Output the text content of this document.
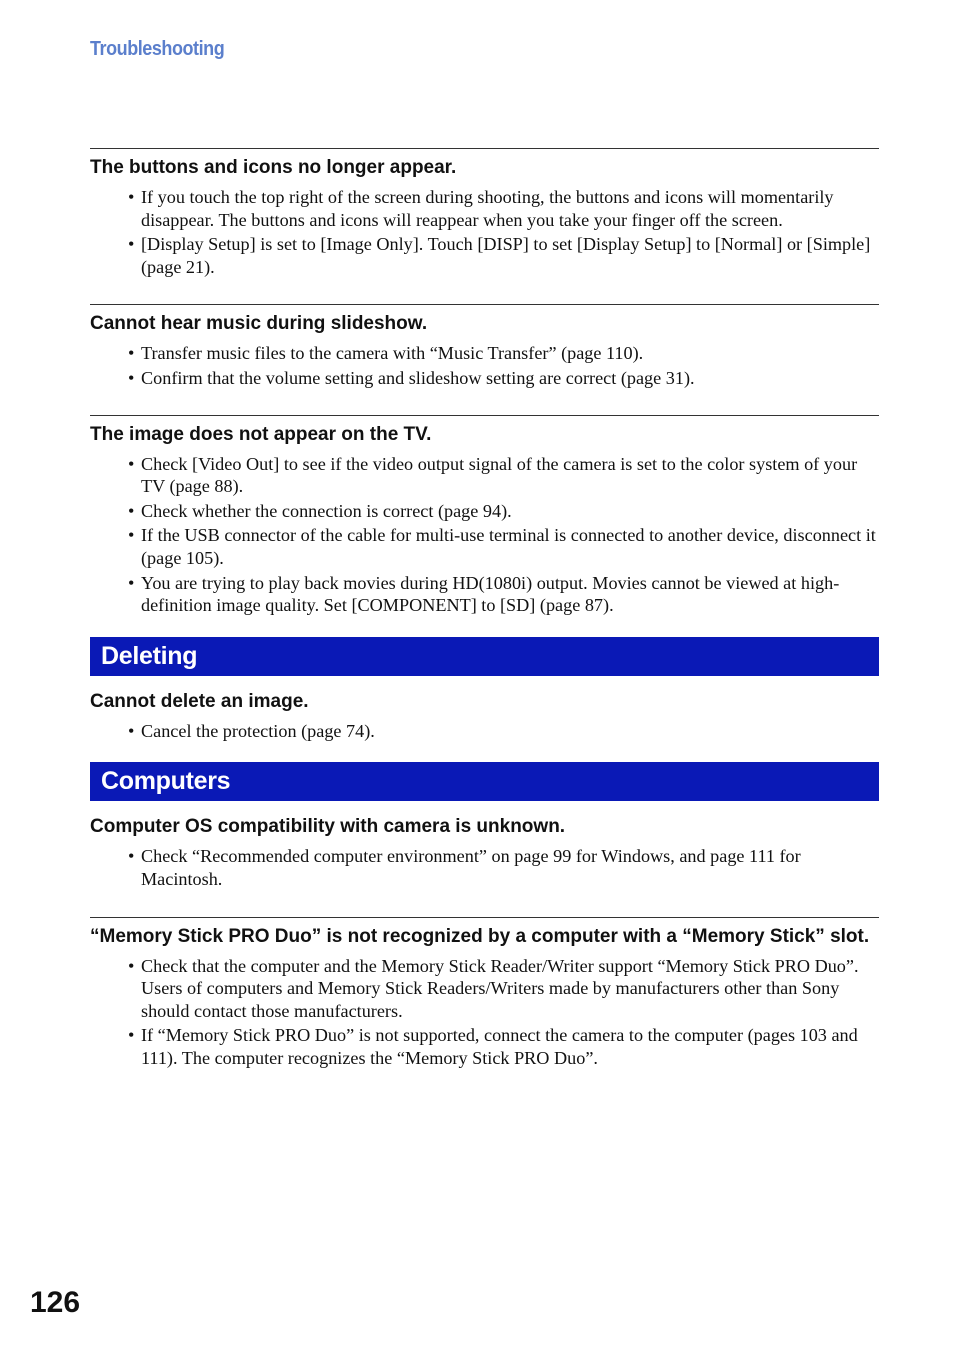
Troubleshooting
The buttons and icons no longer appear.
• If you touch the top right of the screen during shooting, the buttons and icons will momentarily disappear. The buttons and icons will reappear when you take your finger off the screen.
• [Display Setup] is set to [Image Only]. Touch [DISP] to set [Display Setup] to [Normal] or [Simple] (page 21).
Cannot hear music during slideshow.
• Transfer music files to the camera with “Music Transfer” (page 110).
• Confirm that the volume setting and slideshow setting are correct (page 31).
The image does not appear on the TV.
• Check [Video Out] to see if the video output signal of the camera is set to the color system of your TV (page 88).
• Check whether the connection is correct (page 94).
• If the USB connector of the cable for multi-use terminal is connected to another device, disconnect it (page 105).
• You are trying to play back movies during HD(1080i) output. Movies cannot be viewed at high-definition image quality. Set [COMPONENT] to [SD] (page 87).
Deleting
Cannot delete an image.
• Cancel the protection (page 74).
Computers
Computer OS compatibility with camera is unknown.
• Check “Recommended computer environment” on page 99 for Windows, and page 111 for Macintosh.
“Memory Stick PRO Duo” is not recognized by a computer with a “Memory Stick” slot.
• Check that the computer and the Memory Stick Reader/Writer support “Memory Stick PRO Duo”. Users of computers and Memory Stick Readers/Writers made by manufacturers other than Sony should contact those manufacturers.
• If “Memory Stick PRO Duo” is not supported, connect the camera to the computer (pages 103 and 111). The computer recognizes the “Memory Stick PRO Duo”.
126
